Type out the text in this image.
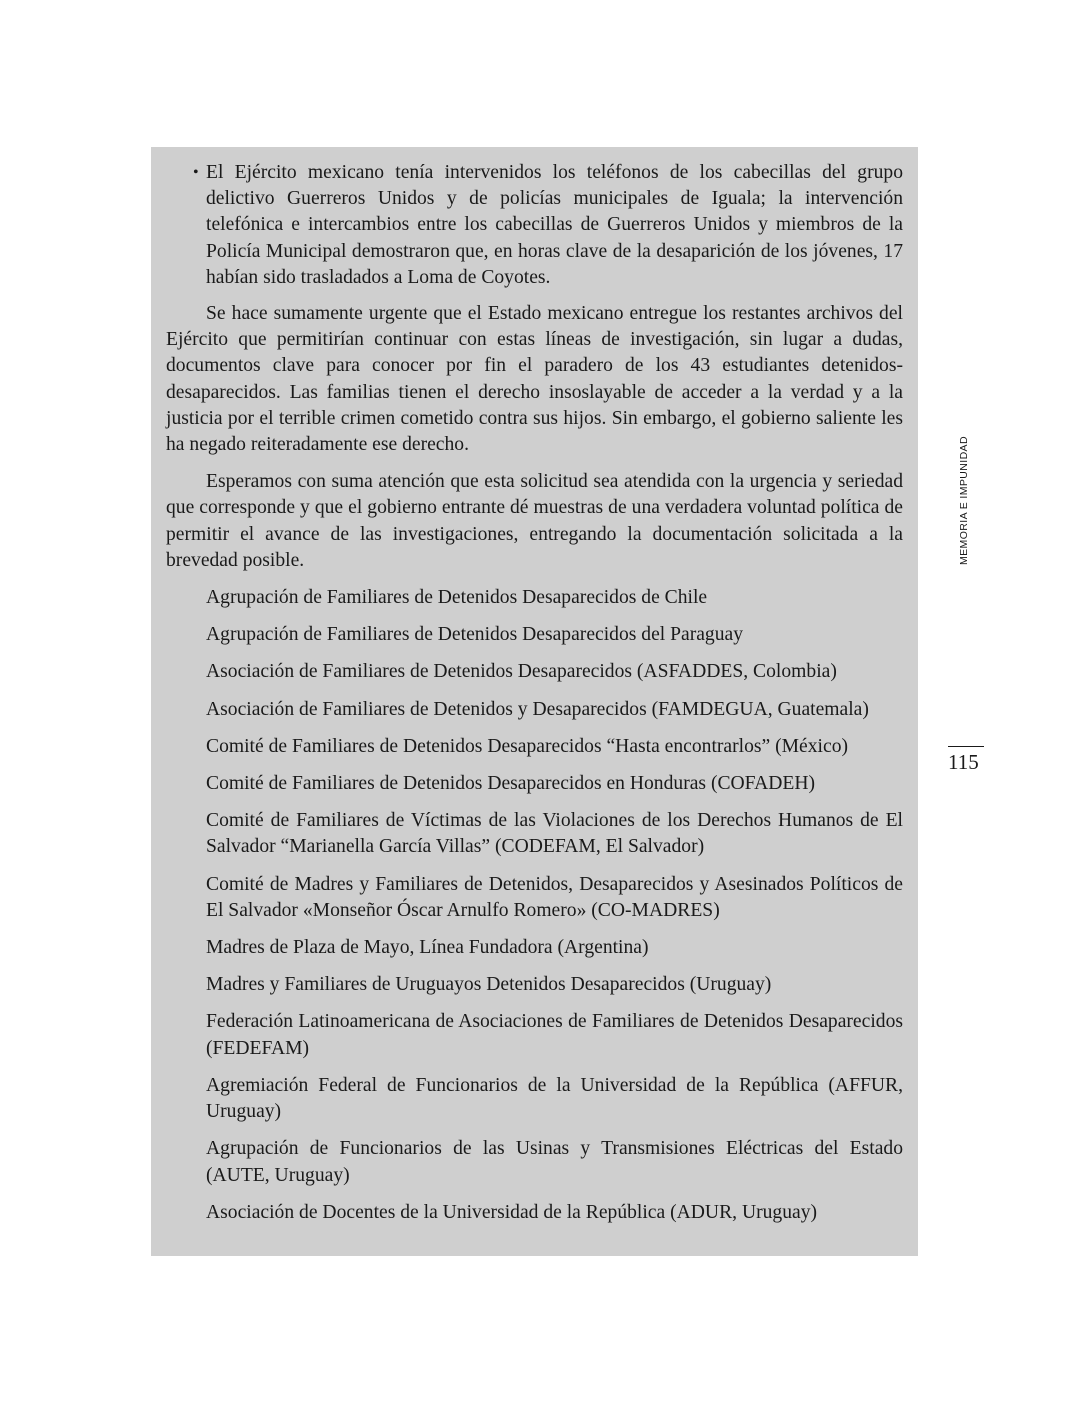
• El Ejército mexicano tenía intervenidos los teléfonos de los cabecillas del grupo delictivo Guerreros Unidos y de policías municipales de Iguala; la intervención telefónica e intercambios entre los cabecillas de Guerreros Unidos y miembros de la Policía Municipal demostraron que, en horas clave de la desaparición de los jóvenes, 17 habían sido trasladados a Loma de Coyotes.

Se hace sumamente urgente que el Estado mexicano entregue los restantes archivos del Ejército que permitirían continuar con estas líneas de investigación, sin lugar a dudas, documentos clave para conocer por fin el paradero de los 43 estudiantes detenidos-desaparecidos. Las familias tienen el derecho insoslayable de acceder a la verdad y a la justicia por el terrible crimen cometido contra sus hijos. Sin embargo, el gobierno saliente les ha negado reiteradamente ese derecho.

Esperamos con suma atención que esta solicitud sea atendida con la urgencia y seriedad que corresponde y que el gobierno entrante dé muestras de una verdadera voluntad política de permitir el avance de las investigaciones, entregando la documentación solicitada a la brevedad posible.

Agrupación de Familiares de Detenidos Desaparecidos de Chile

Agrupación de Familiares de Detenidos Desaparecidos del Paraguay

Asociación de Familiares de Detenidos Desaparecidos (ASFADDES, Colombia)

Asociación de Familiares de Detenidos y Desaparecidos (FAMDEGUA, Guatemala)

Comité de Familiares de Detenidos Desaparecidos “Hasta encontrarlos” (México)

Comité de Familiares de Detenidos Desaparecidos en Honduras (COFADEH)

Comité de Familiares de Víctimas de las Violaciones de los Derechos Humanos de El Salvador “Marianella García Villas” (CODEFAM, El Salvador)

Comité de Madres y Familiares de Detenidos, Desaparecidos y Asesinados Políticos de El Salvador «Monseñor Óscar Arnulfo Romero» (CO-MADRES)

Madres de Plaza de Mayo, Línea Fundadora (Argentina)

Madres y Familiares de Uruguayos Detenidos Desaparecidos (Uruguay)

Federación Latinoamericana de Asociaciones de Familiares de Detenidos Desaparecidos (FEDEFAM)

Agremiación Federal de Funcionarios de la Universidad de la República (AFFUR, Uruguay)

Agrupación de Funcionarios de las Usinas y Transmisiones Eléctricas del Estado (AUTE, Uruguay)

Asociación de Docentes de la Universidad de la República (ADUR, Uruguay)

MEMORIA E IMPUNIDAD
115
